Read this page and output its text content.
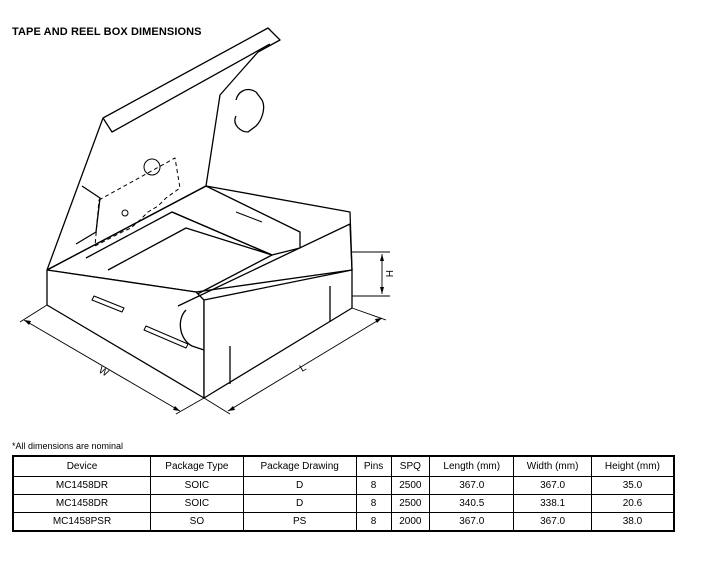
TAPE AND REEL BOX DIMENSIONS
W	L
H
*All dimensions are nominal
Device	Package Type	Package Drawing	Pins	SPQ	Length (mm)	Width (mm)	Height (mm)
MC1458DR	SOIC	D	8	2500	367.0	367.0	35.0
MC1458DR	SOIC	D	8	2500	340.5	338.1	20.6
MC1458PSR	SO	PS	8	2000	367.0	367.0	38.0
